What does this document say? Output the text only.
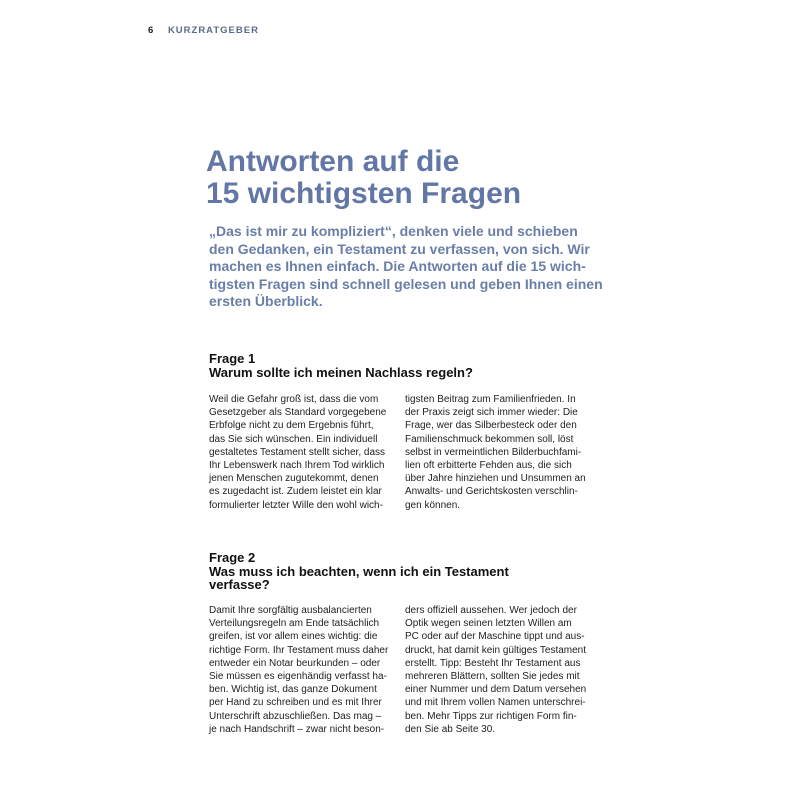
6 KURZRATGEBER
Antworten auf die
15 wichtigsten Fragen
„Das ist mir zu kompliziert“, denken viele und schieben
den Gedanken, ein Testament zu verfassen, von sich. Wir
machen es Ihnen einfach. Die Antworten auf die 15 wich-
tigsten Fragen sind schnell gelesen und geben Ihnen einen
ersten Überblick.
Frage 1
Warum sollte ich meinen Nachlass regeln?
Weil die Gefahr groß ist, dass die vom
Gesetzgeber als Standard vorgegebene
Erbfolge nicht zu dem Ergebnis führt,
das Sie sich wünschen. Ein individuell
gestaltetes Testament stellt sicher, dass
Ihr Lebenswerk nach Ihrem Tod wirklich
jenen Menschen zugutekommt, denen
es zugedacht ist. Zudem leistet ein klar
formulierter letzter Wille den wohl wich-
tigsten Beitrag zum Familienfrieden. In
der Praxis zeigt sich immer wieder: Die
Frage, wer das Silberbesteck oder den
Familienschmuck bekommen soll, löst
selbst in vermeintlichen Bilderbuchfami-
lien oft erbitterte Fehden aus, die sich
über Jahre hinziehen und Unsummen an
Anwalts- und Gerichtskosten verschlin-
gen können.
Frage 2
Was muss ich beachten, wenn ich ein Testament
verfasse?
Damit Ihre sorgfältig ausbalancierten
Verteilungsregeln am Ende tatsächlich
greifen, ist vor allem eines wichtig: die
richtige Form. Ihr Testament muss daher
entweder ein Notar beurkunden – oder
Sie müssen es eigenhändig verfasst ha-
ben. Wichtig ist, das ganze Dokument
per Hand zu schreiben und es mit Ihrer
Unterschrift abzuschließen. Das mag –
je nach Handschrift – zwar nicht beson-
ders offiziell aussehen. Wer jedoch der
Optik wegen seinen letzten Willen am
PC oder auf der Maschine tippt und aus-
druckt, hat damit kein gültiges Testament
erstellt. Tipp: Besteht Ihr Testament aus
mehreren Blättern, sollten Sie jedes mit
einer Nummer und dem Datum versehen
und mit Ihrem vollen Namen unterschrei-
ben. Mehr Tipps zur richtigen Form fin-
den Sie ab Seite 30.
